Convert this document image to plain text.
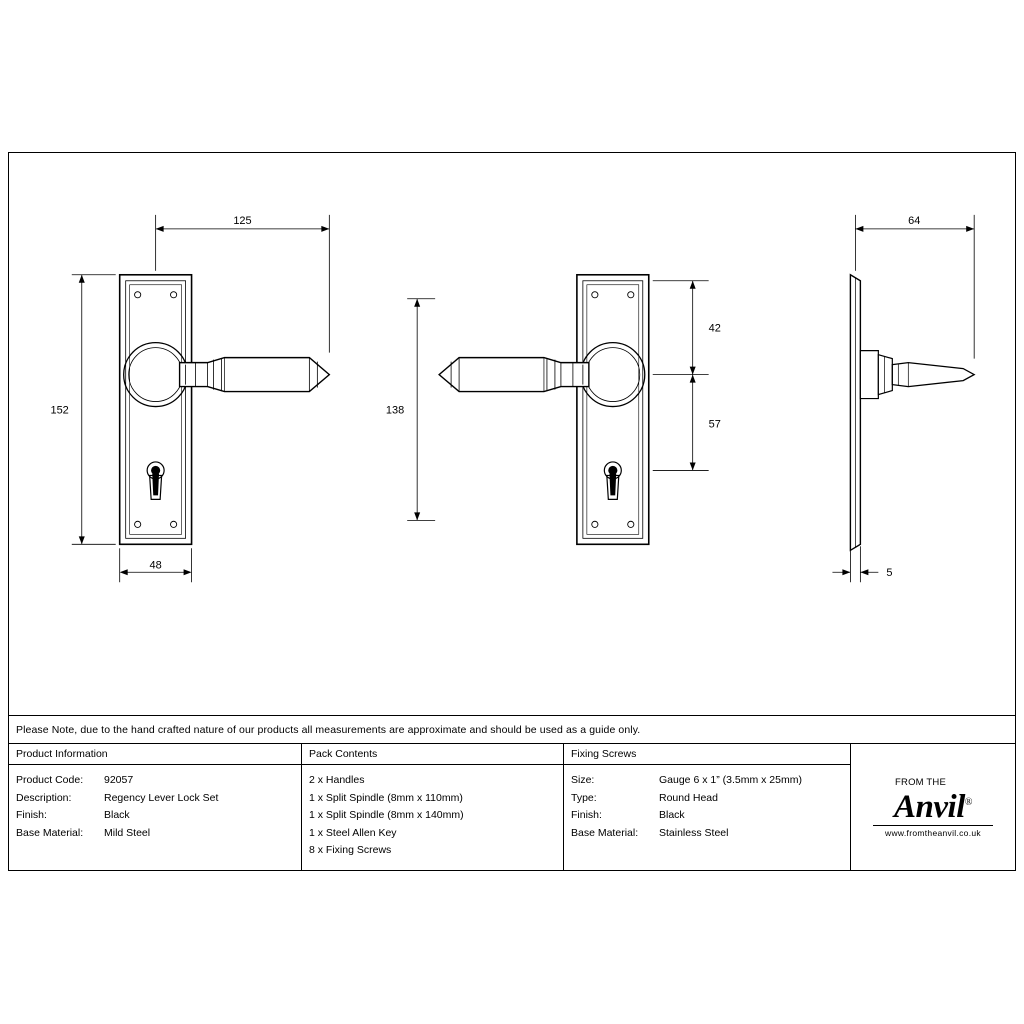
125
152
48
138
42
57
64
5
Please Note, due to the hand crafted nature of our products all measurements are approximate and should be used as a guide only.
Product Information
Product Code:	92057
Description:	Regency Lever Lock Set
Finish:	Black
Base Material:	Mild Steel
Pack Contents
2 x Handles
1 x Split Spindle (8mm x 110mm)
1 x Split Spindle (8mm x 140mm)
1 x Steel Allen Key
8 x Fixing Screws
Fixing Screws
Size:	Gauge 6 x 1” (3.5mm x 25mm)
Type:	Round Head
Finish:	Black
Base Material:	Stainless Steel
FROM THE
Anvil®
www.fromtheanvil.co.uk
